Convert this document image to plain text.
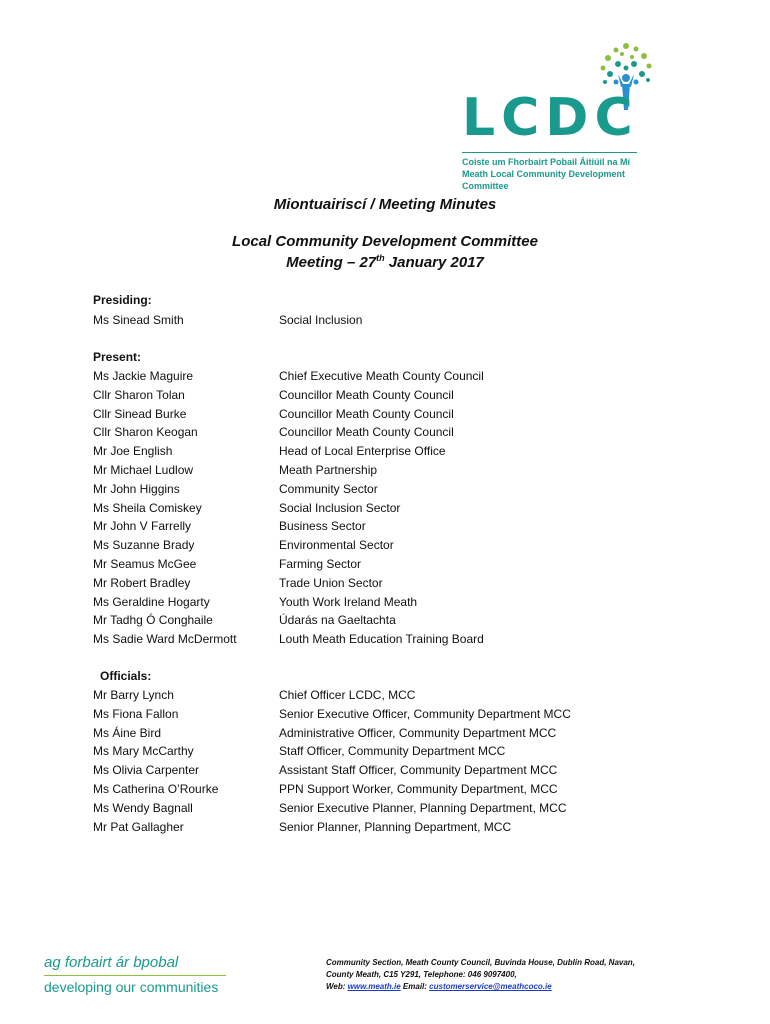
LCDC
Coiste um Fhorbairt Pobail Áitiúil na Mí
Meath Local Community Development
Committee
Miontuairiscí / Meeting Minutes
Local Community Development Committee
Meeting – 27th January 2017
Presiding:
Ms Sinead Smith	Social Inclusion
Present:
Ms Jackie Maguire	Chief Executive Meath County Council
Cllr Sharon Tolan	Councillor Meath County Council
Cllr Sinead Burke	Councillor Meath County Council
Cllr Sharon Keogan	Councillor Meath County Council
Mr Joe English	Head of Local Enterprise Office
Mr Michael Ludlow	Meath Partnership
Mr John Higgins	Community Sector
Ms Sheila Comiskey	Social Inclusion Sector
Mr John V Farrelly	Business Sector
Ms Suzanne Brady	Environmental Sector
Mr Seamus McGee	Farming Sector
Mr Robert Bradley	Trade Union Sector
Ms Geraldine Hogarty	Youth Work Ireland Meath
Mr Tadhg Ó Conghaile	Údarás na Gaeltachta
Ms Sadie Ward McDermott	Louth Meath Education Training Board
Officials:
Mr Barry Lynch	Chief Officer LCDC, MCC
Ms Fiona Fallon	Senior Executive Officer, Community Department MCC
Ms Áine Bird	Administrative Officer, Community Department MCC
Ms Mary McCarthy	Staff Officer, Community Department MCC
Ms Olivia Carpenter	Assistant Staff Officer, Community Department MCC
Ms Catherina O’Rourke	PPN Support Worker, Community Department, MCC
Ms Wendy Bagnall	Senior Executive Planner, Planning Department, MCC
Mr Pat Gallagher	Senior Planner, Planning Department, MCC
ag forbairt ár bpobal
developing our communities
Community Section, Meath County Council, Buvinda House, Dublin Road, Navan,
County Meath, C15 Y291, Telephone: 046 9097400,
Web: www.meath.ie Email: customerservice@meathcoco.ie
